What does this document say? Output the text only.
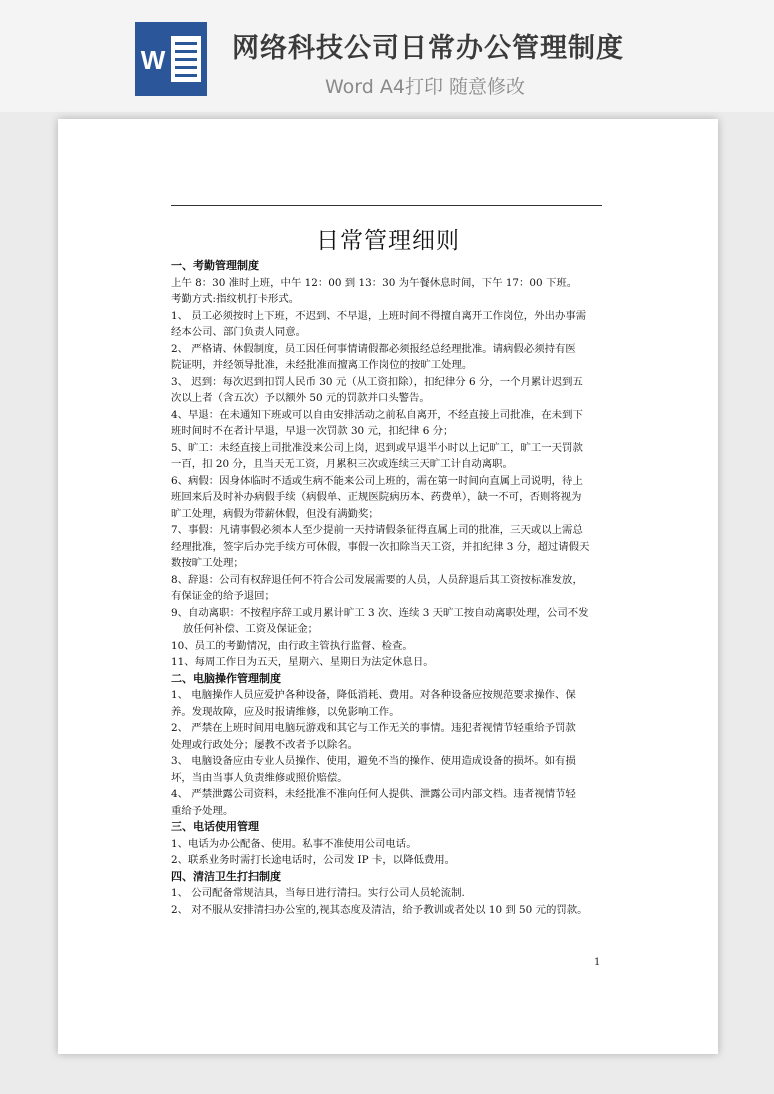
W 网络科技公司日常办公管理制度
Word A4打印 随意修改
日常管理细则

一、考勤管理制度

上午 8：30 准时上班，中午 12：00 到 13：30 为午餐休息时间，下午 17：00 下班。

考勤方式:指纹机打卡形式。

1、 员工必须按时上下班，不迟到、不早退，上班时间不得擅自离开工作岗位，外出办事需

经本公司、部门负责人同意。

2、 严格请、休假制度，员工因任何事情请假都必须报经总经理批准。请病假必须持有医

院证明，并经领导批准，未经批准而擅离工作岗位的按旷工处理。

3、 迟到：每次迟到扣罚人民币 30 元（从工资扣除），扣纪律分 6 分，一个月累计迟到五

次以上者（含五次）予以额外 50 元的罚款并口头警告。

4、早退：在未通知下班或可以自由安排活动之前私自离开，不经直接上司批准，在未到下

班时间时不在者计早退，早退一次罚款 30 元，扣纪律 6 分；

5、旷工：未经直接上司批准没来公司上岗，迟到或早退半小时以上记旷工，旷工一天罚款

一百，扣 20 分，且当天无工资，月累积三次或连续三天旷工计自动离职。

6、病假：因身体临时不适或生病不能来公司上班的，需在第一时间向直属上司说明，待上

班回来后及时补办病假手续（病假单、正规医院病历本、药费单），缺一不可，否则将视为

旷工处理，病假为带薪休假，但没有满勤奖；

7、事假：凡请事假必须本人至少提前一天持请假条征得直属上司的批准，三天或以上需总

经理批准，签字后办完手续方可休假，事假一次扣除当天工资，并扣纪律 3 分，超过请假天

数按旷工处理；

8、辞退：公司有权辞退任何不符合公司发展需要的人员，人员辞退后其工资按标准发放，

有保证金的给予退回；

9、自动离职：不按程序辞工或月累计旷工 3 次、连续 3 天旷工按自动离职处理，公司不发

放任何补偿、工资及保证金；

10、员工的考勤情况，由行政主管执行监督、检查。

11、每周工作日为五天，星期六、星期日为法定休息日。

二、电脑操作管理制度

1、 电脑操作人员应爱护各种设备，降低消耗、费用。对各种设备应按规范要求操作、保

养。发现故障，应及时报请维修，以免影响工作。

2、 严禁在上班时间用电脑玩游戏和其它与工作无关的事情。违犯者视情节轻重给予罚款

处理或行政处分；屡教不改者予以除名。

3、 电脑设备应由专业人员操作、使用，避免不当的操作、使用造成设备的损坏。如有损

坏，当由当事人负责维修或照价赔偿。

4、 严禁泄露公司资料，未经批准不准向任何人提供、泄露公司内部文档。违者视情节轻

重给予处理。

三、电话使用管理

1、电话为办公配备、使用。私事不准使用公司电话。

2、联系业务时需打长途电话时，公司发 IP 卡，以降低费用。

四、清洁卫生打扫制度

1、 公司配备常规洁具，当每日进行清扫。实行公司人员轮流制.

2、 对不服从安排清扫办公室的,视其态度及清洁，给予教训或者处以 10 到 50 元的罚款。

1
